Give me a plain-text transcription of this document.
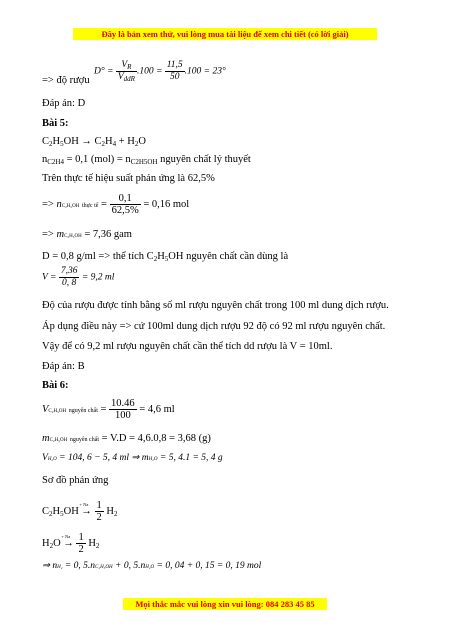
Đây là bản xem thử, vui lòng mua tài liệu để xem chi tiết (có lời giải)
$D^\circ = \frac{V_R}{V_{ddR}} .100 = \frac{11,5}{50} .100 = 23^\circ$
=> độ rượu
Đáp án: D
Bài 5:
$C_2H_5OH \to C_2H_4 + H_2O$
$n_{C2H4} = 0,1$ $(mol) = n_{C2H5OH}$ nguyên chất lý thuyết
Trên thực tế hiệu suất phản ứng là 62,5%
=> nC₂H₅OH thực tế = $\frac{0,1}{62,5\%} = 0,16$ mol
=> mC₂H₅OH = 7,36 gam
D = 0,8 g/ml => thể tích $C_2H_5OH$ nguyên chất cần dùng là
$V = \frac{7,36}{0, 8} = 9,2$ ml
Độ của rượu được tính bằng số ml rượu nguyên chất trong 100 ml dung dịch rượu.
Áp dụng điều này => cứ 100ml dung dịch rượu 92 độ có 92 ml rượu nguyên chất.
Vậy để có 9,2 ml rượu nguyên chất cần thể tích dd rượu là V = 10ml.
Đáp án: B
Bài 6:
VC₂H₅OH nguyên chất = $\frac{10.46}{100} = 4,6$ ml
mC₂H₅OH nguyên chất = V.D = 4,6.0,8 = 3,68 (g)
VH₂O = 104, 6 − 5, 4 ml ⇒ mH₂O = 5, 4.1 = 5, 4 g
Sơ đồ phản ứng
$C_2H_5OH$
+ Na
→ $\frac{1}{2} H_2$
$H_2O$
+ Na
→ $\frac{1}{2} H_2$
⇒ nH₂ = 0, 5.nC₂H₅OH + 0, 5.nH₂O = 0, 04 + 0, 15 = 0, 19 mol
Mọi thắc mắc vui lòng xin vui lòng: 084 283 45 85
